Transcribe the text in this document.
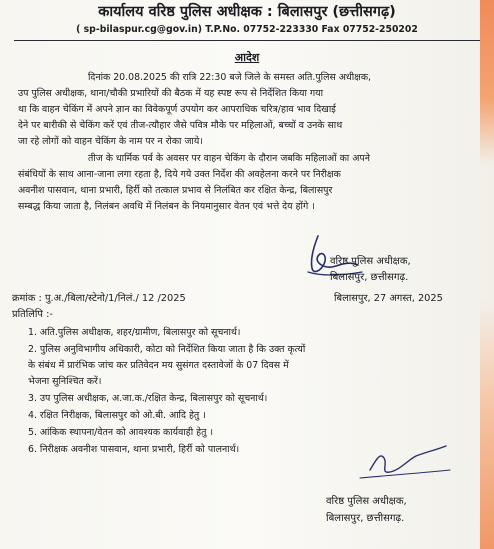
कार्यालय वरिष्ठ पुलिस अधीक्षक : बिलासपुर (छत्तीसगढ़)
( sp-bilaspur.cg@gov.in) T.P.No. 07752-223330 Fax 07752-250202
आदेश
दिनांक 20.08.2025 की रात्रि 22:30 बजे जिले के समस्त अति.पुलिस अधीक्षक,
उप पुलिस अधीक्षक, थाना/चौकी प्रभारियों की बैठक में यह स्पष्ट रूप से निर्देशित किया गया
था कि वाहन चेकिंग में अपने ज्ञान का विवेकपूर्ण उपयोग कर आपराधिक चरित्र/हाव भाव दिखाई
देने पर बारीकी से चेकिंग करें एवं तीज-त्यौहार जैसे पवित्र मौके पर महिलाओं, बच्चों व उनके साथ
जा रहे लोगों को वाहन चेकिंग के नाम पर न रोका जाये।
तीज के धार्मिक पर्व के अवसर पर वाहन चेकिंग के दौरान जबकि महिलाओं का अपने
संबंधियों के साथ आना-जाना लगा रहता है, दिये गये उक्त निर्देश की अवहेलना करने पर निरीक्षक
अवनीश पासवान, थाना प्रभारी, हिर्री को तत्काल प्रभाव से निलंबित कर रक्षित केन्द्र, बिलासपुर
सम्बद्ध किया जाता है, निलंबन अवधि में निलंबन के नियमानुसार वेतन एवं भत्ते देय होंगे ।
वरिष्ठ पुलिस अधीक्षक,
बिलासपुर, छत्तीसगढ़.
क्रमांक : पु.अ./बिला/स्टेनो/1/निलं./ 12 /2025	बिलासपुर, 27 अगस्त, 2025
प्रतिलिपि :-
1. अति.पुलिस अधीक्षक, शहर/ग्रामीण, बिलासपुर को सूचनार्थ।
2. पुलिस अनुविभागीय अधिकारी, कोटा को निर्देशित किया जाता है कि उक्त कृत्यों
के संबंध में प्रारंभिक जांच कर प्रतिवेदन मय सुसंगत दस्तावेजों के 07 दिवस में
भेजना सुनिश्चित करें।
3. उप पुलिस अधीक्षक, अ.जा.क./रक्षित केन्द्र, बिलासपुर को सूचनार्थ।
4. रक्षित निरीक्षक, बिलासपुर को ओ.बी. आदि हेतु ।
5. आंकिक स्थापना/वेतन को आवश्यक कार्यवाही हेतु ।
6. निरीक्षक अवनीश पासवान, थाना प्रभारी, हिर्री को पालनार्थ।
वरिष्ठ पुलिस अधीक्षक,
बिलासपुर, छत्तीसगढ़.
